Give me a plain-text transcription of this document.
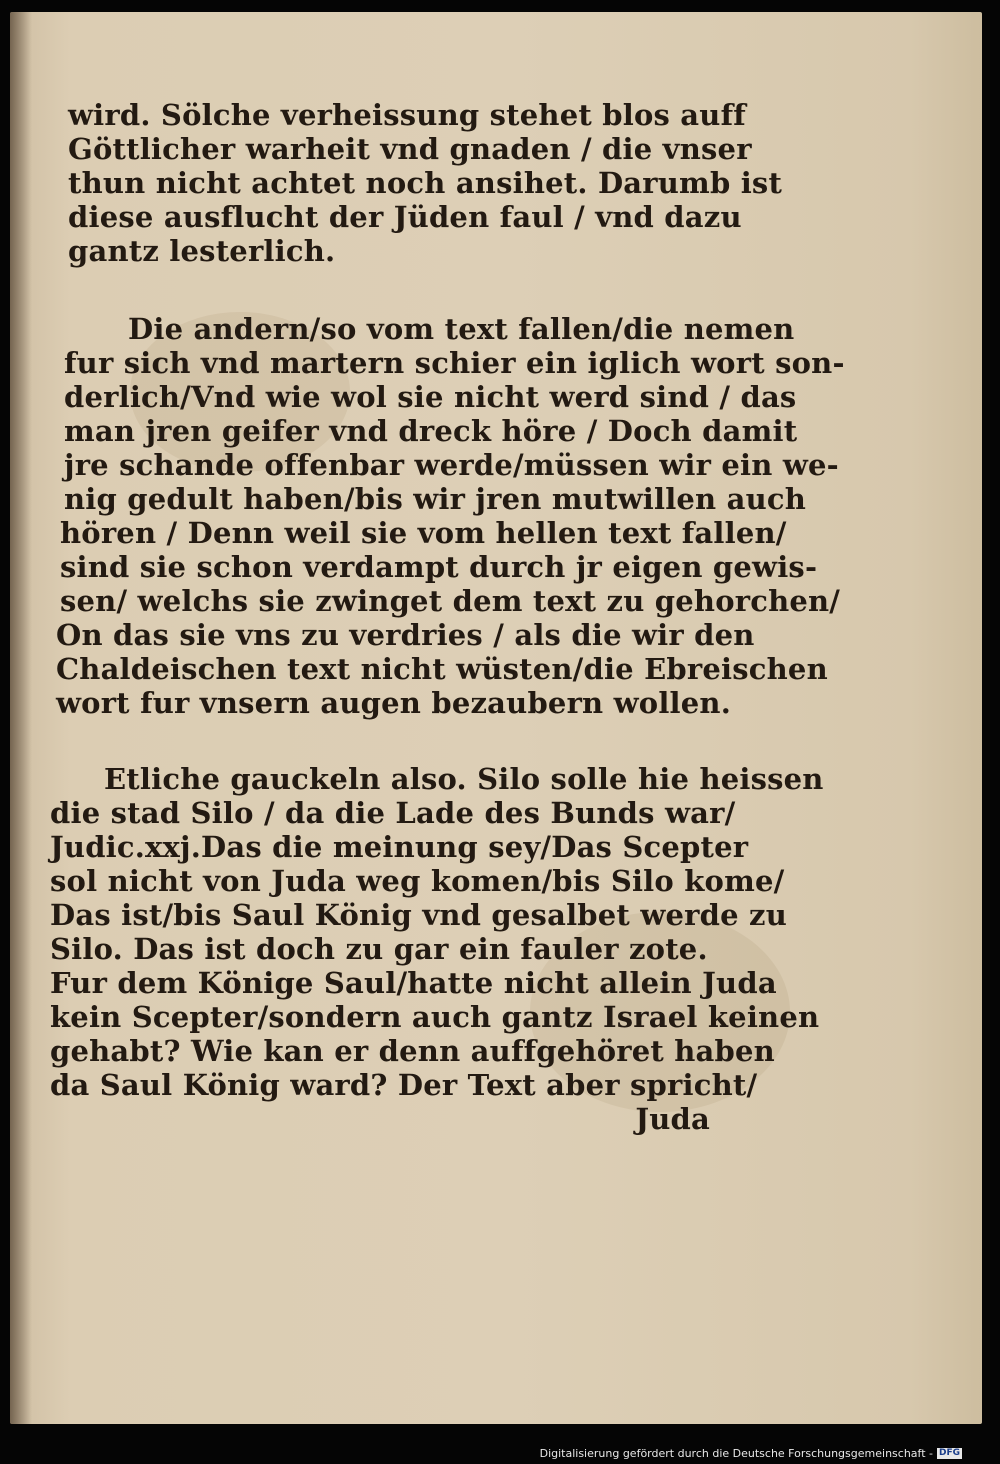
wird. Sölche verheissung stehet blos auff
Göttlicher warheit vnd gnaden / die vnser
thun nicht achtet noch ansihet. Darumb ist
diese ausflucht der Jüden faul / vnd dazu
gantz lesterlich.

Die andern/so vom text fallen/die nemen
fur sich vnd martern schier ein iglich wort son-
derlich/Vnd wie wol sie nicht werd sind / das
man jren geifer vnd dreck höre / Doch damit
jre schande offenbar werde/müssen wir ein we-
nig gedult haben/bis wir jren mutwillen auch
hören / Denn weil sie vom hellen text fallen/
sind sie schon verdampt durch jr eigen gewis-
sen/ welchs sie zwinget dem text zu gehorchen/
On das sie vns zu verdries / als die wir den
Chaldeischen text nicht wüsten/die Ebreischen
wort fur vnsern augen bezaubern wollen.

Etliche gauckeln also. Silo solle hie heissen
die stad Silo / da die Lade des Bunds war/
Judic.xxj.Das die meinung sey/Das Scepter
sol nicht von Juda weg komen/bis Silo kome/
Das ist/bis Saul König vnd gesalbet werde zu
Silo. Das ist doch zu gar ein fauler zote.
Fur dem Könige Saul/hatte nicht allein Juda
kein Scepter/sondern auch gantz Israel keinen
gehabt? Wie kan er denn auffgehöret haben
da Saul König ward? Der Text aber spricht/
Juda

Digitalisierung gefördert durch die Deutsche Forschungsgemeinschaft - DFG
